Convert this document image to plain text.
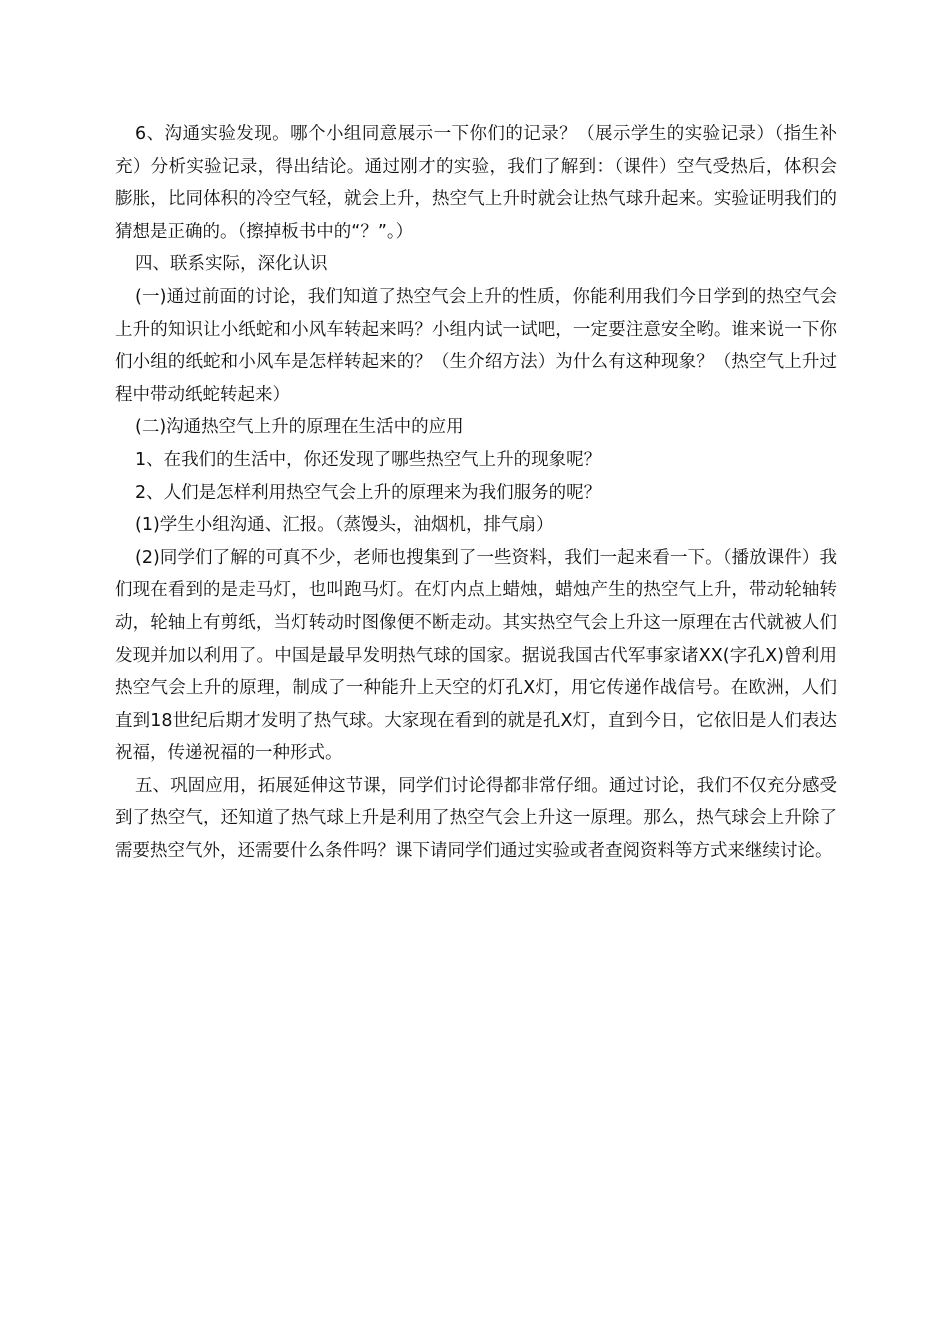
6、沟通实验发现。哪个小组同意展示一下你们的记录？（展示学生的实验记录）（指生补充）分析实验记录，得出结论。通过刚才的实验，我们了解到：（课件）空气受热后，体积会膨胀，比同体积的冷空气轻，就会上升，热空气上升时就会让热气球升起来。实验证明我们的猜想是正确的。（擦掉板书中的“？”。）

四、联系实际，深化认识

(一)通过前面的讨论，我们知道了热空气会上升的性质，你能利用我们今日学到的热空气会上升的知识让小纸蛇和小风车转起来吗？小组内试一试吧，一定要注意安全哟。谁来说一下你们小组的纸蛇和小风车是怎样转起来的？（生介绍方法）为什么有这种现象？（热空气上升过程中带动纸蛇转起来）

(二)沟通热空气上升的原理在生活中的应用

1、在我们的生活中，你还发现了哪些热空气上升的现象呢？

2、人们是怎样利用热空气会上升的原理来为我们服务的呢？

(1)学生小组沟通、汇报。（蒸馒头，油烟机，排气扇）

(2)同学们了解的可真不少，老师也搜集到了一些资料，我们一起来看一下。（播放课件）我们现在看到的是走马灯，也叫跑马灯。在灯内点上蜡烛，蜡烛产生的热空气上升，带动轮轴转动，轮轴上有剪纸，当灯转动时图像便不断走动。其实热空气会上升这一原理在古代就被人们发现并加以利用了。中国是最早发明热气球的国家。据说我国古代军事家诸XX(字孔X)曾利用热空气会上升的原理，制成了一种能升上天空的灯孔X灯，用它传递作战信号。在欧洲，人们直到18世纪后期才发明了热气球。大家现在看到的就是孔X灯，直到今日，它依旧是人们表达祝福，传递祝福的一种形式。

五、巩固应用，拓展延伸这节课，同学们讨论得都非常仔细。通过讨论，我们不仅充分感受到了热空气，还知道了热气球上升是利用了热空气会上升这一原理。那么，热气球会上升除了需要热空气外，还需要什么条件吗？课下请同学们通过实验或者查阅资料等方式来继续讨论。
